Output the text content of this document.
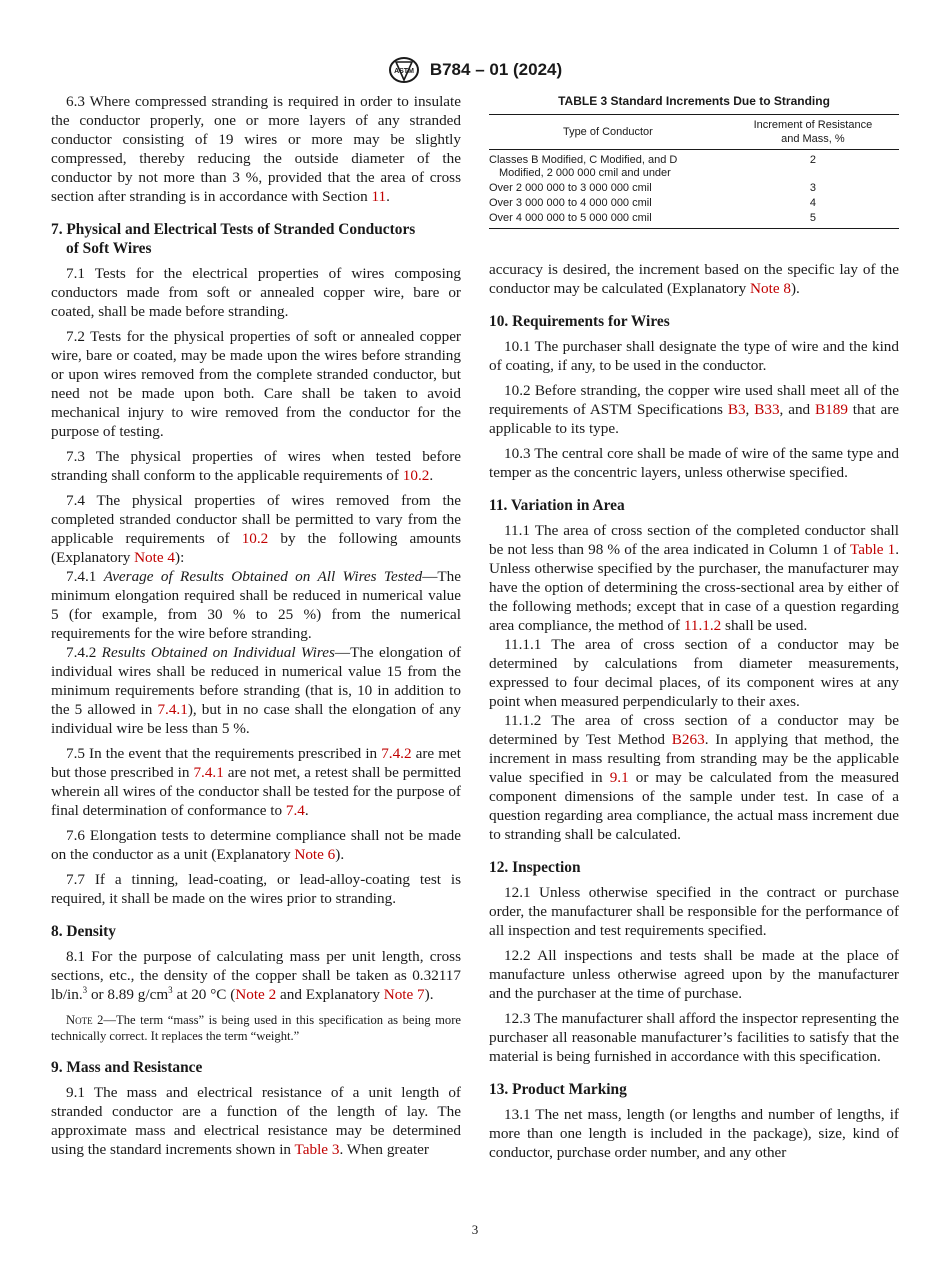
ASTM B784 – 01 (2024)

6.3 Where compressed stranding is required in order to insulate the conductor properly, one or more layers of any stranded conductor consisting of 19 wires or more may be slightly compressed, thereby reducing the outside diameter of the conductor by not more than 3 %, provided that the area of cross section after stranding is in accordance with Section 11.

7. Physical and Electrical Tests of Stranded Conductors
of Soft Wires

7.1 Tests for the electrical properties of wires composing conductors made from soft or annealed copper wire, bare or coated, shall be made before stranding.

7.2 Tests for the physical properties of soft or annealed copper wire, bare or coated, may be made upon the wires before stranding or upon wires removed from the complete stranded conductor, but need not be made upon both. Care shall be taken to avoid mechanical injury to wire removed from the conductor for the purpose of testing.

7.3 The physical properties of wires when tested before stranding shall conform to the applicable requirements of 10.2.

7.4 The physical properties of wires removed from the completed stranded conductor shall be permitted to vary from the applicable requirements of 10.2 by the following amounts (Explanatory Note 4):

7.4.1 Average of Results Obtained on All Wires Tested—The minimum elongation required shall be reduced in numerical value 5 (for example, from 30 % to 25 %) from the numerical requirements for the wire before stranding.

7.4.2 Results Obtained on Individual Wires—The elongation of individual wires shall be reduced in numerical value 15 from the minimum requirements before stranding (that is, 10 in addition to the 5 allowed in 7.4.1), but in no case shall the elongation of any individual wire be less than 5 %.

7.5 In the event that the requirements prescribed in 7.4.2 are met but those prescribed in 7.4.1 are not met, a retest shall be permitted wherein all wires of the conductor shall be tested for the purpose of final determination of conformance to 7.4.

7.6 Elongation tests to determine compliance shall not be made on the conductor as a unit (Explanatory Note 6).

7.7 If a tinning, lead-coating, or lead-alloy-coating test is required, it shall be made on the wires prior to stranding.

8. Density

8.1 For the purpose of calculating mass per unit length, cross sections, etc., the density of the copper shall be taken as 0.32117 lb/in.$^3$ or 8.89 $g/cm^3$ at 20 °C (Note 2 and Explanatory Note 7).

Note 2—The term “mass” is being used in this specification as being more technically correct. It replaces the term “weight.”

9. Mass and Resistance

9.1 The mass and electrical resistance of a unit length of stranded conductor are a function of the length of lay. The approximate mass and electrical resistance may be determined using the standard increments shown in Table 3. When greater

TABLE 3 Standard Increments Due to Stranding
Type of Conductor	Increment of Resistance
and Mass, %
Classes B Modified, C Modified, and D
Modified, 2 000 000 cmil and under	2
Over 2 000 000 to 3 000 000 cmil	3
Over 3 000 000 to 4 000 000 cmil	4
Over 4 000 000 to 5 000 000 cmil	5

accuracy is desired, the increment based on the specific lay of the conductor may be calculated (Explanatory Note 8).

10. Requirements for Wires

10.1 The purchaser shall designate the type of wire and the kind of coating, if any, to be used in the conductor.

10.2 Before stranding, the copper wire used shall meet all of the requirements of ASTM Specifications B3, B33, and B189 that are applicable to its type.

10.3 The central core shall be made of wire of the same type and temper as the concentric layers, unless otherwise specified.

11. Variation in Area

11.1 The area of cross section of the completed conductor shall be not less than 98 % of the area indicated in Column 1 of Table 1. Unless otherwise specified by the purchaser, the manufacturer may have the option of determining the cross-sectional area by either of the following methods; except that in case of a question regarding area compliance, the method of 11.1.2 shall be used.

11.1.1 The area of cross section of a conductor may be determined by calculations from diameter measurements, expressed to four decimal places, of its component wires at any point when measured perpendicularly to their axes.

11.1.2 The area of cross section of a conductor may be determined by Test Method B263. In applying that method, the increment in mass resulting from stranding may be the applicable value specified in 9.1 or may be calculated from the measured component dimensions of the sample under test. In case of a question regarding area compliance, the actual mass increment due to stranding shall be calculated.

12. Inspection

12.1 Unless otherwise specified in the contract or purchase order, the manufacturer shall be responsible for the performance of all inspection and test requirements specified.

12.2 All inspections and tests shall be made at the place of manufacture unless otherwise agreed upon by the manufacturer and the purchaser at the time of purchase.

12.3 The manufacturer shall afford the inspector representing the purchaser all reasonable manufacturer’s facilities to satisfy that the material is being furnished in accordance with this specification.

13. Product Marking

13.1 The net mass, length (or lengths and number of lengths, if more than one length is included in the package), size, kind of conductor, purchase order number, and any other

3
